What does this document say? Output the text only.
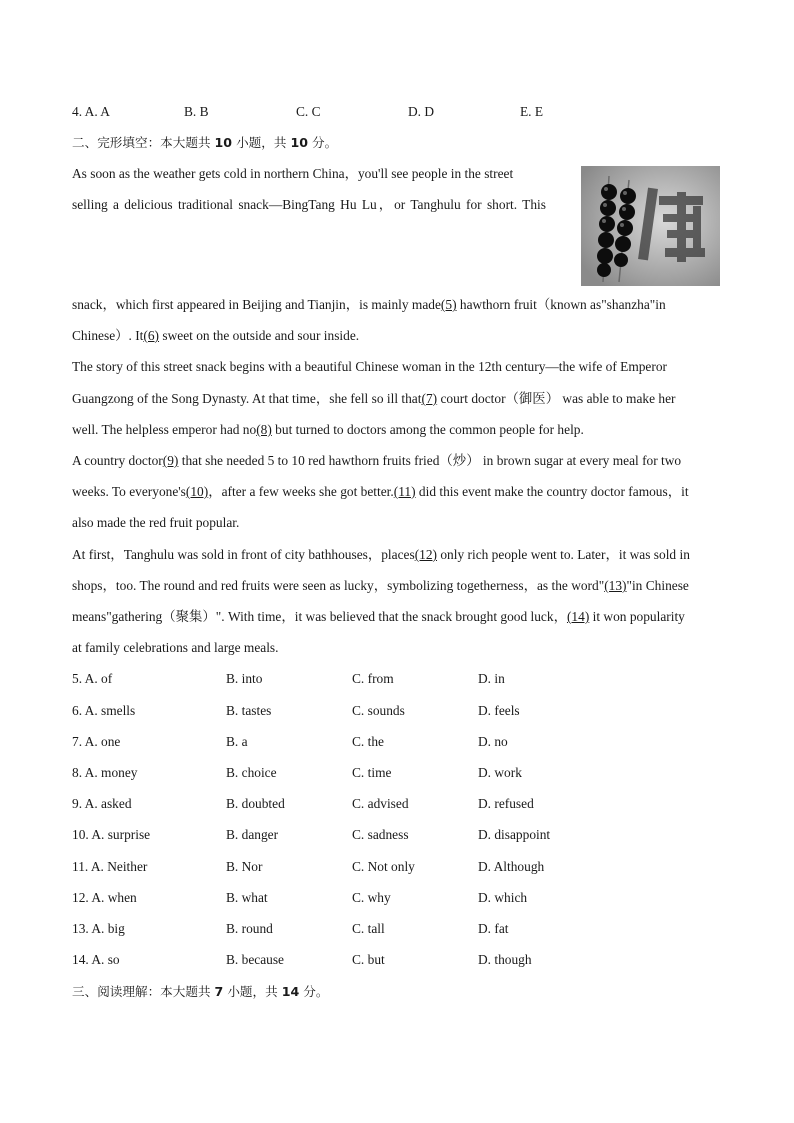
4. A. A	B. B	C. C	D. D	E. E
二、完形填空：本大题共 10 小题，共 10 分。
As soon as the weather gets cold in northern China，you'll see people in the street
selling a delicious traditional snack—BingTang Hu Lu，or Tanghulu for short. This
snack，which first appeared in Beijing and Tianjin，is mainly made(5) hawthorn fruit（known as"shanzha"in
Chinese）. It(6) sweet on the outside and sour inside.
The story of this street snack begins with a beautiful Chinese woman in the 12th century—the wife of Emperor
Guangzong of the Song Dynasty. At that time，she fell so ill that(7) court doctor（御医） was able to make her
well. The helpless emperor had no(8) but turned to doctors among the common people for help.
A country doctor(9) that she needed 5 to 10 red hawthorn fruits fried（炒） in brown sugar at every meal for two
weeks. To everyone's(10)，after a few weeks she got better.(11) did this event make the country doctor famous，it
also made the red fruit popular.
At first，Tanghulu was sold in front of city bathhouses，places(12) only rich people went to. Later，it was sold in
shops，too. The round and red fruits were seen as lucky，symbolizing togetherness，as the word"(13)"in Chinese
means"gathering（聚集）". With time，it was believed that the snack brought good luck，(14) it won popularity
at family celebrations and large meals.
5. A. of	B. into	C. from	D. in
6. A. smells	B. tastes	C. sounds	D. feels
7. A. one	B. a	C. the	D. no
8. A. money	B. choice	C. time	D. work
9. A. asked	B. doubted	C. advised	D. refused
10. A. surprise	B. danger	C. sadness	D. disappoint
11. A. Neither	B. Nor	C. Not only	D. Although
12. A. when	B. what	C. why	D. which
13. A. big	B. round	C. tall	D. fat
14. A. so	B. because	C. but	D. though
三、阅读理解：本大题共 7 小题，共 14 分。
